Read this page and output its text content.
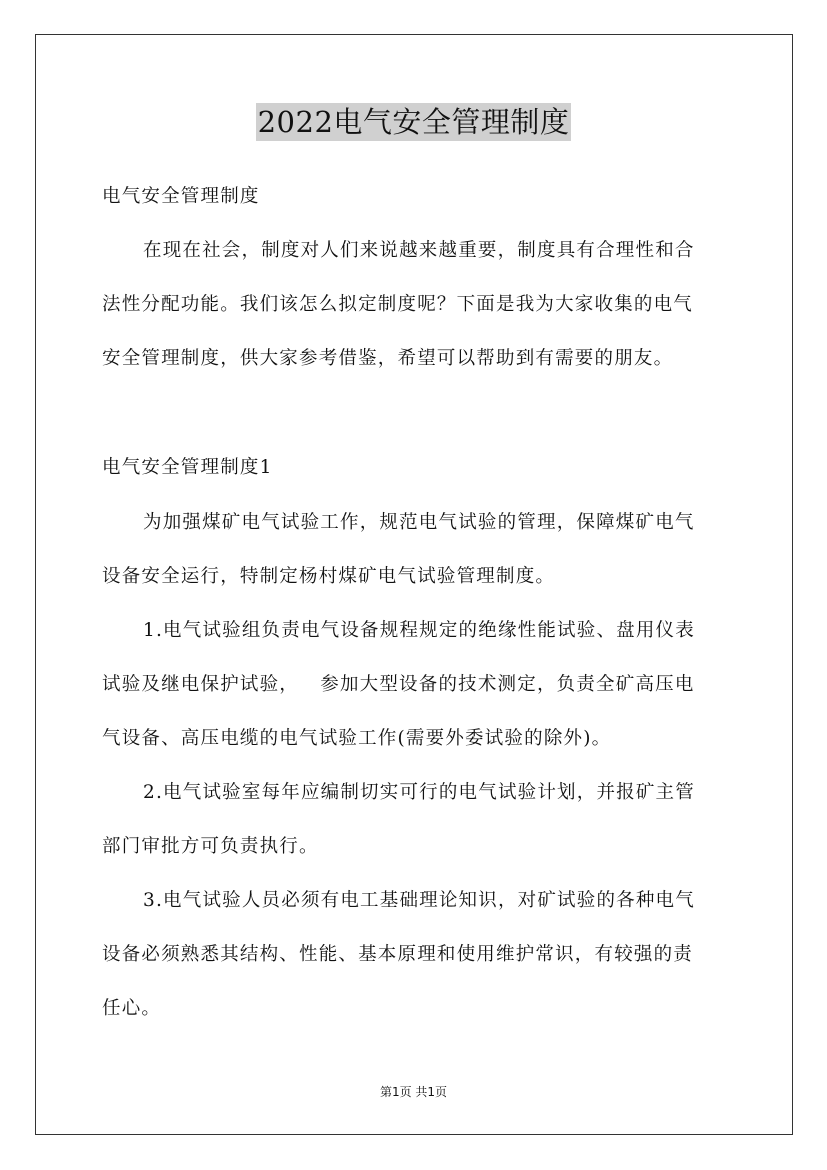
2022电气安全管理制度
电气安全管理制度
在现在社会，制度对人们来说越来越重要，制度具有合理性和合
法性分配功能。我们该怎么拟定制度呢？下面是我为大家收集的电气
安全管理制度，供大家参考借鉴，希望可以帮助到有需要的朋友。
电气安全管理制度1
为加强煤矿电气试验工作，规范电气试验的管理，保障煤矿电气
设备安全运行，特制定杨村煤矿电气试验管理制度。
1.电气试验组负责电气设备规程规定的绝缘性能试验、盘用仪表
试验及继电保护试验，   参加大型设备的技术测定，负责全矿高压电
气设备、高压电缆的电气试验工作(需要外委试验的除外)。
2.电气试验室每年应编制切实可行的电气试验计划，并报矿主管
部门审批方可负责执行。
3.电气试验人员必须有电工基础理论知识，对矿试验的各种电气
设备必须熟悉其结构、性能、基本原理和使用维护常识，有较强的责
任心。
第1页 共1页
